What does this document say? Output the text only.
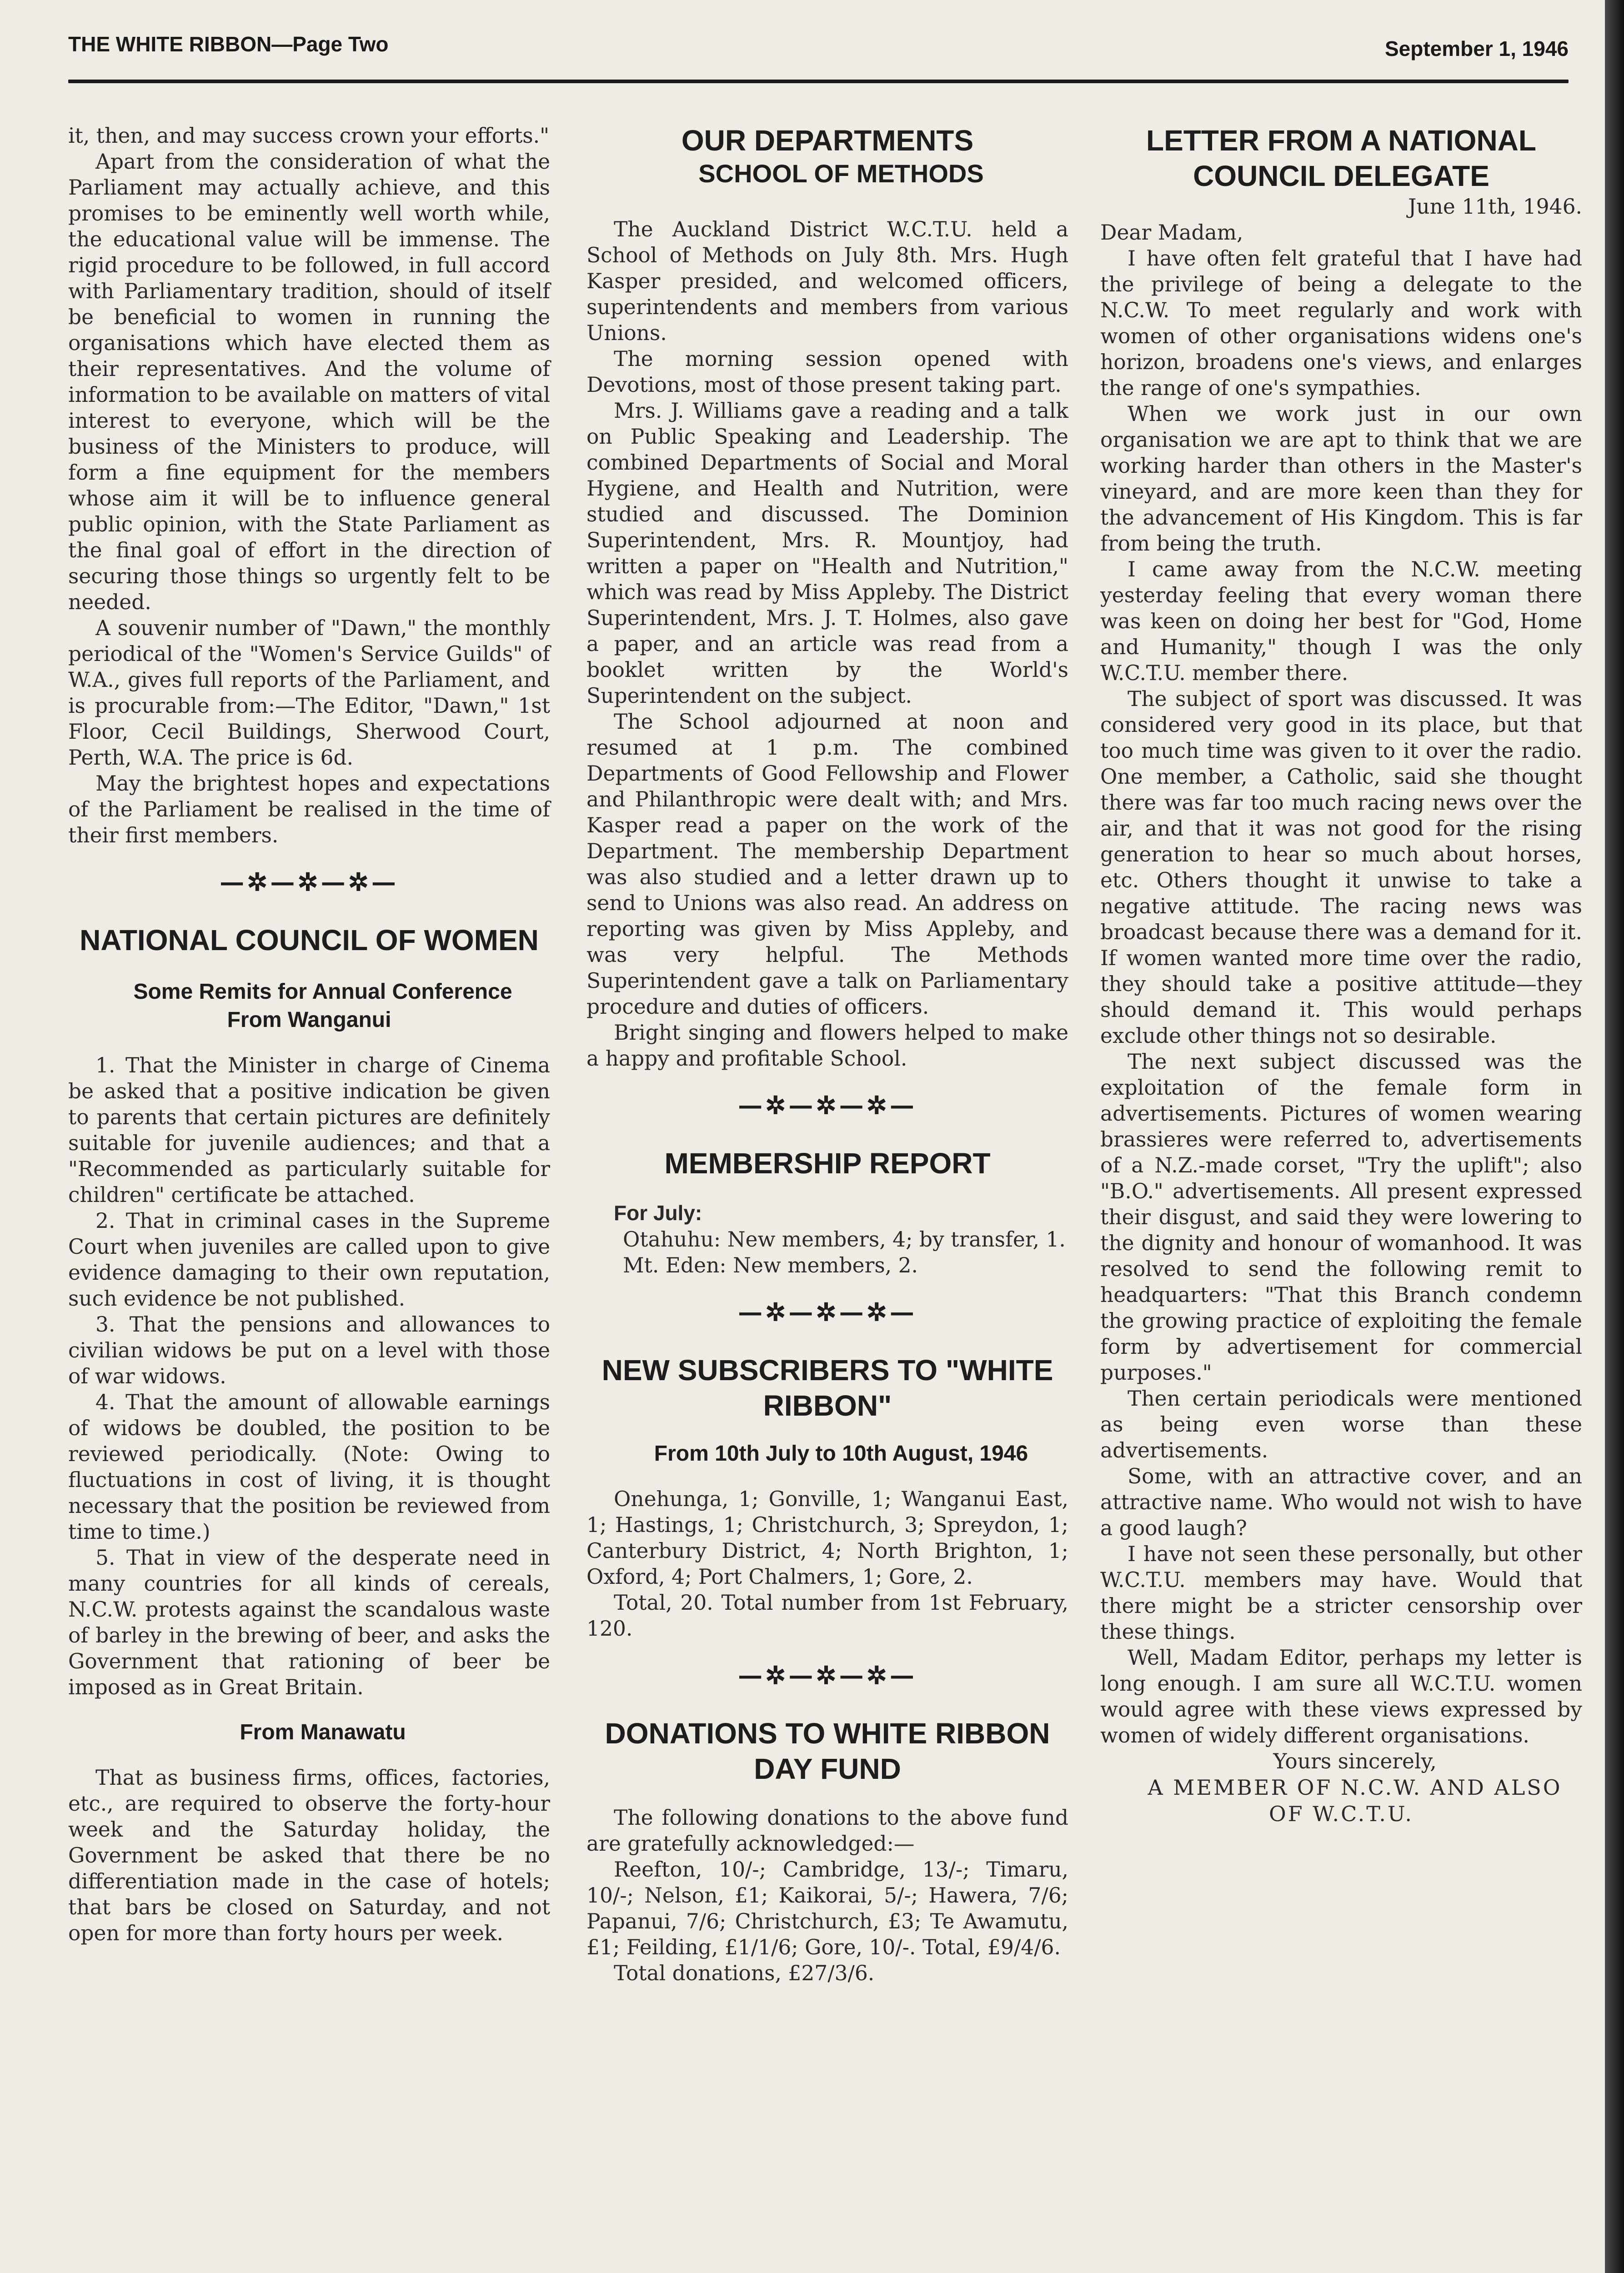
THE WHITE RIBBON—Page Two	September 1, 1946

it, then, and may success crown your efforts."

Apart from the consideration of what the Parliament may actually achieve, and this promises to be eminently well worth while, the educational value will be immense. The rigid procedure to be followed, in full accord with Parliamentary tradition, should of itself be beneficial to women in running the organisations which have elected them as their representatives. And the volume of information to be available on matters of vital interest to everyone, which will be the business of the Ministers to produce, will form a fine equipment for the members whose aim it will be to influence general public opinion, with the State Parliament as the final goal of effort in the direction of securing those things so urgently felt to be needed.

A souvenir number of "Dawn," the monthly periodical of the "Women's Service Guilds" of W.A., gives full reports of the Parliament, and is procurable from:—The Editor, "Dawn," 1st Floor, Cecil Buildings, Sherwood Court, Perth, W.A. The price is 6d.

May the brightest hopes and expectations of the Parliament be realised in the time of their first members.

—✲—✲—✲—
NATIONAL COUNCIL OF WOMEN

Some Remits for Annual Conference From Wanganui

1. That the Minister in charge of Cinema be asked that a positive indication be given to parents that certain pictures are definitely suitable for juvenile audiences; and that a "Recommended as particularly suitable for children" certificate be attached.

2. That in criminal cases in the Supreme Court when juveniles are called upon to give evidence damaging to their own reputation, such evidence be not published.

3. That the pensions and allowances to civilian widows be put on a level with those of war widows.

4. That the amount of allowable earnings of widows be doubled, the position to be reviewed periodically. (Note: Owing to fluctuations in cost of living, it is thought necessary that the position be reviewed from time to time.)

5. That in view of the desperate need in many countries for all kinds of cereals, N.C.W. protests against the scandalous waste of barley in the brewing of beer, and asks the Government that rationing of beer be imposed as in Great Britain.

From Manawatu

That as business firms, offices, factories, etc., are required to observe the forty-hour week and the Saturday holiday, the Government be asked that there be no differentiation made in the case of hotels; that bars be closed on Saturday, and not open for more than forty hours per week.

OUR DEPARTMENTS

SCHOOL OF METHODS

The Auckland District W.C.T.U. held a School of Methods on July 8th. Mrs. Hugh Kasper presided, and welcomed officers, superintendents and members from various Unions.

The morning session opened with Devotions, most of those present taking part.

Mrs. J. Williams gave a reading and a talk on Public Speaking and Leadership. The combined Departments of Social and Moral Hygiene, and Health and Nutrition, were studied and discussed. The Dominion Superintendent, Mrs. R. Mountjoy, had written a paper on "Health and Nutrition," which was read by Miss Appleby. The District Superintendent, Mrs. J. T. Holmes, also gave a paper, and an article was read from a booklet written by the World's Superintendent on the subject.

The School adjourned at noon and resumed at 1 p.m. The combined Departments of Good Fellowship and Flower and Philanthropic were dealt with; and Mrs. Kasper read a paper on the work of the Department. The membership Department was also studied and a letter drawn up to send to Unions was also read. An address on reporting was given by Miss Appleby, and was very helpful. The Methods Superintendent gave a talk on Parliamentary procedure and duties of officers.

Bright singing and flowers helped to make a happy and profitable School.

—✲—✲—✲—
MEMBERSHIP REPORT

For July:

Otahuhu: New members, 4; by transfer, 1.

Mt. Eden: New members, 2.

—✲—✲—✲—
NEW SUBSCRIBERS TO "WHITE RIBBON"

From 10th July to 10th August, 1946

Onehunga, 1; Gonville, 1; Wanganui East, 1; Hastings, 1; Christchurch, 3; Spreydon, 1; Canterbury District, 4; North Brighton, 1; Oxford, 4; Port Chalmers, 1; Gore, 2.

Total, 20. Total number from 1st February, 120.

—✲—✲—✲—
DONATIONS TO WHITE RIBBON DAY FUND

The following donations to the above fund are gratefully acknowledged:—

Reefton, 10/-; Cambridge, 13/-; Timaru, 10/-; Nelson, £1; Kaikorai, 5/-; Hawera, 7/6; Papanui, 7/6; Christchurch, £3; Te Awamutu, £1; Feilding, £1/1/6; Gore, 10/-. Total, £9/4/6.

Total donations, £27/3/6.

LETTER FROM A NATIONAL COUNCIL DELEGATE

June 11th, 1946.

Dear Madam,

I have often felt grateful that I have had the privilege of being a delegate to the N.C.W. To meet regularly and work with women of other organisations widens one's horizon, broadens one's views, and enlarges the range of one's sympathies.

When we work just in our own organisation we are apt to think that we are working harder than others in the Master's vineyard, and are more keen than they for the advancement of His Kingdom. This is far from being the truth.

I came away from the N.C.W. meeting yesterday feeling that every woman there was keen on doing her best for "God, Home and Humanity," though I was the only W.C.T.U. member there.

The subject of sport was discussed. It was considered very good in its place, but that too much time was given to it over the radio. One member, a Catholic, said she thought there was far too much racing news over the air, and that it was not good for the rising generation to hear so much about horses, etc. Others thought it unwise to take a negative attitude. The racing news was broadcast because there was a demand for it. If women wanted more time over the radio, they should take a positive attitude—they should demand it. This would perhaps exclude other things not so desirable.

The next subject discussed was the exploitation of the female form in advertisements. Pictures of women wearing brassieres were referred to, advertisements of a N.Z.-made corset, "Try the uplift"; also "B.O." advertisements. All present expressed their disgust, and said they were lowering to the dignity and honour of womanhood. It was resolved to send the following remit to headquarters: "That this Branch condemn the growing practice of exploiting the female form by advertisement for commercial purposes."

Then certain periodicals were mentioned as being even worse than these advertisements.

Some, with an attractive cover, and an attractive name. Who would not wish to have a good laugh?

I have not seen these personally, but other W.C.T.U. members may have. Would that there might be a stricter censorship over these things.

Well, Madam Editor, perhaps my letter is long enough. I am sure all W.C.T.U. women would agree with these views expressed by women of widely different organisations.

Yours sincerely,

A MEMBER OF N.C.W. AND ALSO OF W.C.T.U.
